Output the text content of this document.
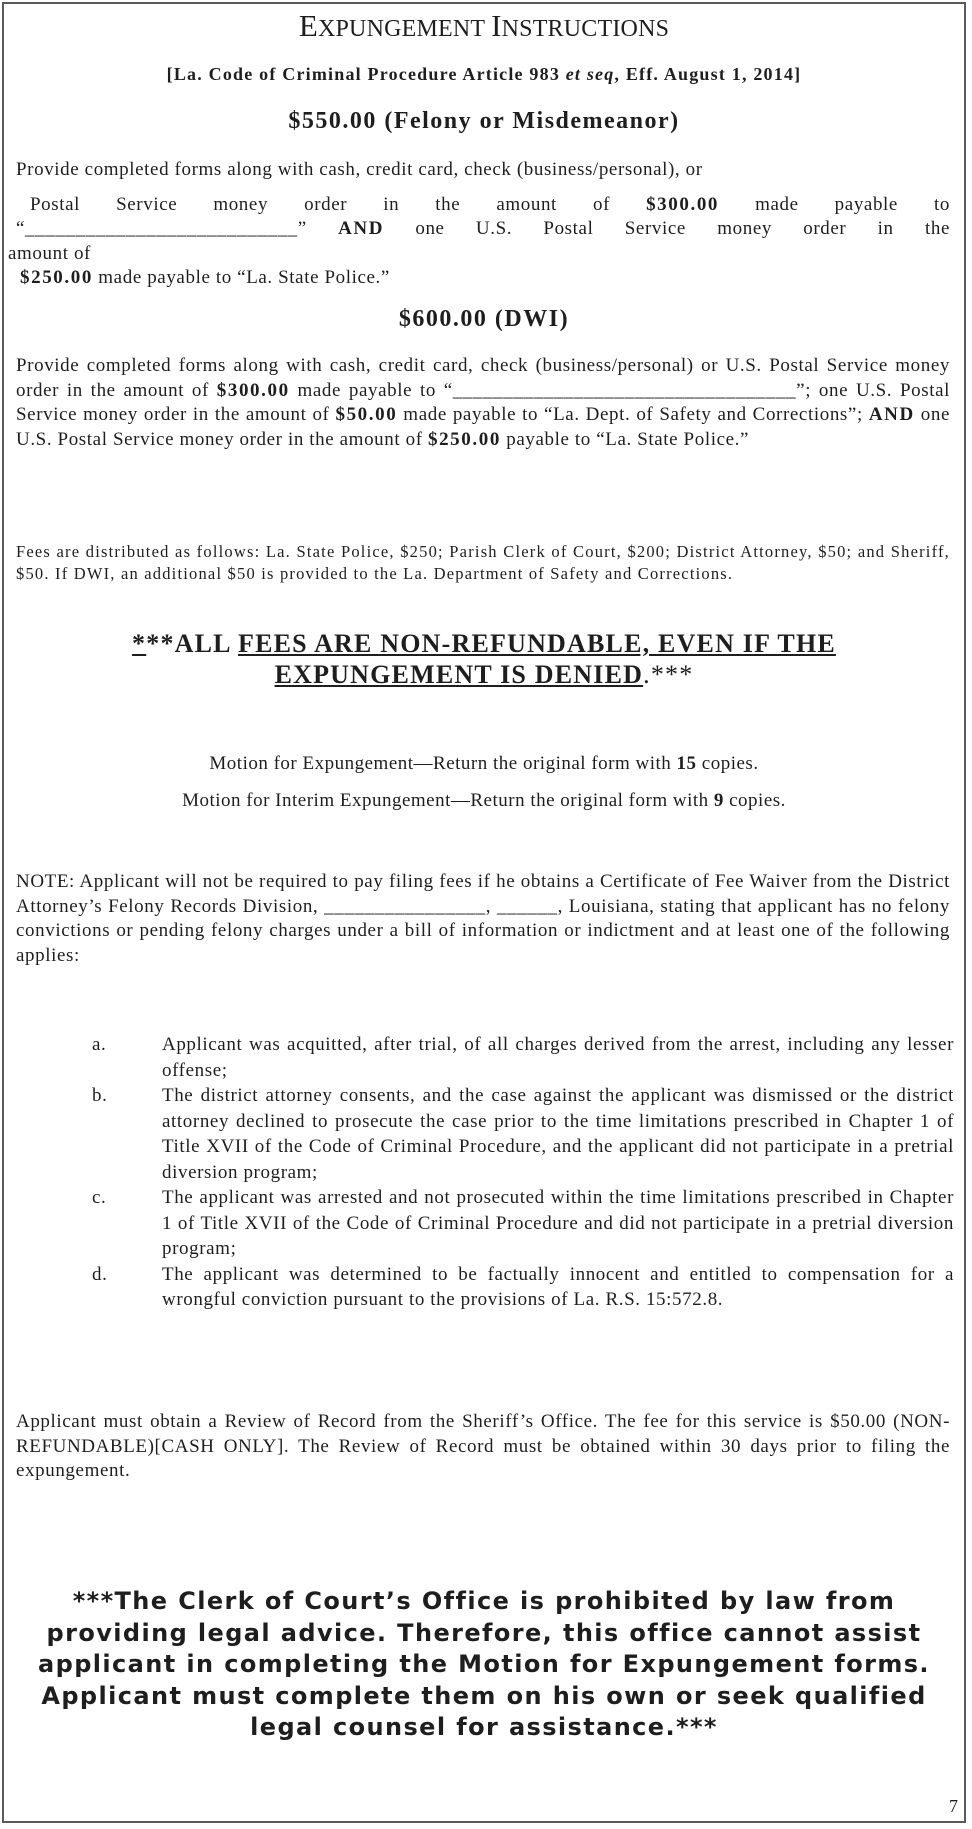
EXPUNGEMENT INSTRUCTIONS
[La. Code of Criminal Procedure Article 983 et seq, Eff. August 1, 2014]
$550.00 (Felony or Misdemeanor)
Provide completed forms along with cash, credit card, check (business/personal), or
Postal Service money order in the amount of $300.00 made payable to
“___________________________” AND one U.S. Postal Service money order in the
amount of
$250.00 made payable to “La. State Police.”
$600.00 (DWI)
Provide completed forms along with cash, credit card, check (business/personal) or U.S. Postal Service money order in the amount of $300.00 made payable to “__________________________________”; one U.S. Postal Service money order in the amount of $50.00 made payable to “La. Dept. of Safety and Corrections”; AND one U.S. Postal Service money order in the amount of $250.00 payable to “La. State Police.”
Fees are distributed as follows: La. State Police, $250; Parish Clerk of Court, $200; District Attorney, $50; and Sheriff, $50. If DWI, an additional $50 is provided to the La. Department of Safety and Corrections.
***ALL FEES ARE NON-REFUNDABLE, EVEN IF THE
EXPUNGEMENT IS DENIED.***
Motion for Expungement—Return the original form with 15 copies.
Motion for Interim Expungement—Return the original form with 9 copies.
NOTE: Applicant will not be required to pay filing fees if he obtains a Certificate of Fee Waiver from the District Attorney’s Felony Records Division, ________________, ______, Louisiana, stating that applicant has no felony convictions or pending felony charges under a bill of information or indictment and at least one of the following applies:
a.	Applicant was acquitted, after trial, of all charges derived from the arrest, including any lesser offense;
b.	The district attorney consents, and the case against the applicant was dismissed or the district attorney declined to prosecute the case prior to the time limitations prescribed in Chapter 1 of Title XVII of the Code of Criminal Procedure, and the applicant did not participate in a pretrial diversion program;
c.	The applicant was arrested and not prosecuted within the time limitations prescribed in Chapter 1 of Title XVII of the Code of Criminal Procedure and did not participate in a pretrial diversion program;
d.	The applicant was determined to be factually innocent and entitled to compensation for a wrongful conviction pursuant to the provisions of La. R.S. 15:572.8.
Applicant must obtain a Review of Record from the Sheriff’s Office. The fee for this service is $50.00 (NON-REFUNDABLE)[CASH ONLY]. The Review of Record must be obtained within 30 days prior to filing the expungement.
***The Clerk of Court’s Office is prohibited by law from providing legal advice. Therefore, this office cannot assist applicant in completing the Motion for Expungement forms. Applicant must complete them on his own or seek qualified legal counsel for assistance.***
7
